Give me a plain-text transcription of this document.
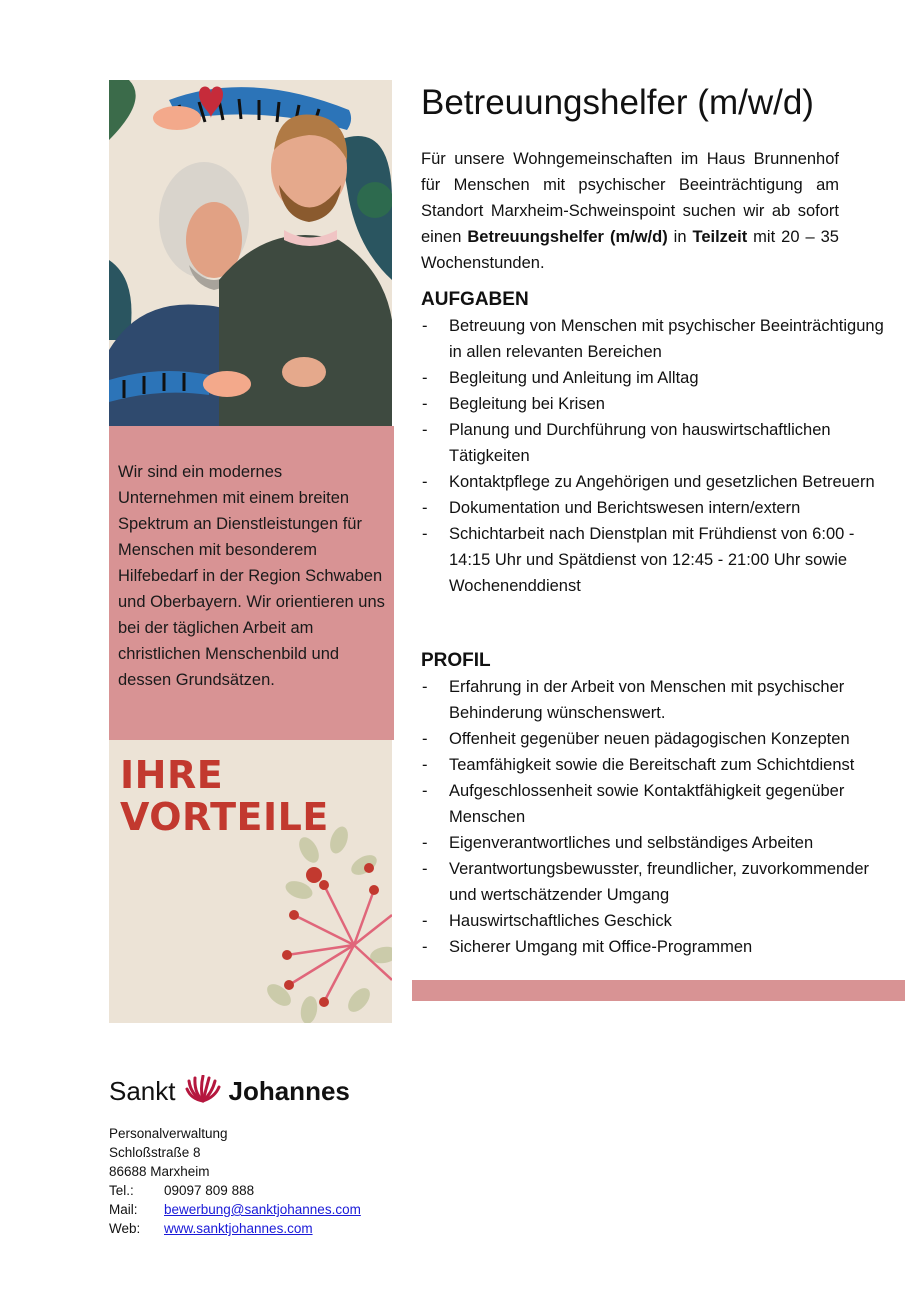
Wir sind ein modernes Unternehmen mit einem breiten Spektrum an Dienstleistungen für Menschen mit besonderem Hilfebedarf in der Region Schwaben und Oberbayern. Wir orientieren uns bei der täglichen Arbeit am christlichen Menschenbild und dessen Grundsätzen.
IHRE
VORTEILE
Betreuungshelfer (m/w/d)

Für unsere Wohngemeinschaften im Haus Brunnenhof für Menschen mit psychischer Beeinträchtigung am Standort Marxheim-Schweinspoint suchen wir ab sofort einen Betreuungshelfer (m/w/d) in Teilzeit mit 20 – 35 Wochenstunden.

AUFGABEN
- Betreuung von Menschen mit psychischer Beeinträchtigung in allen relevanten Bereichen
- Begleitung und Anleitung im Alltag
- Begleitung bei Krisen
- Planung und Durchführung von hauswirtschaftlichen Tätigkeiten
- Kontaktpflege zu Angehörigen und gesetzlichen Betreuern
- Dokumentation und Berichtswesen intern/extern
- Schichtarbeit nach Dienstplan mit Frühdienst von 6:00 - 14:15 Uhr und Spätdienst von 12:45 - 21:00 Uhr sowie Wochenenddienst
PROFIL
- Erfahrung in der Arbeit von Menschen mit psychischer Behinderung wünschenswert.
- Offenheit gegenüber neuen pädagogischen Konzepten
- Teamfähigkeit sowie die Bereitschaft zum Schichtdienst
- Aufgeschlossenheit sowie Kontaktfähigkeit gegenüber Menschen
- Eigenverantwortliches und selbständiges Arbeiten
- Verantwortungsbewusster, freundlicher, zuvorkommender und wertschätzender Umgang
- Hauswirtschaftliches Geschick
- Sicherer Umgang mit Office-Programmen
Sankt Johannes
Personalverwaltung
Schloßstraße 8
86688 Marxheim
Tel.: 09097 809 888
Mail: bewerbung@sanktjohannes.com
Web: www.sanktjohannes.com
